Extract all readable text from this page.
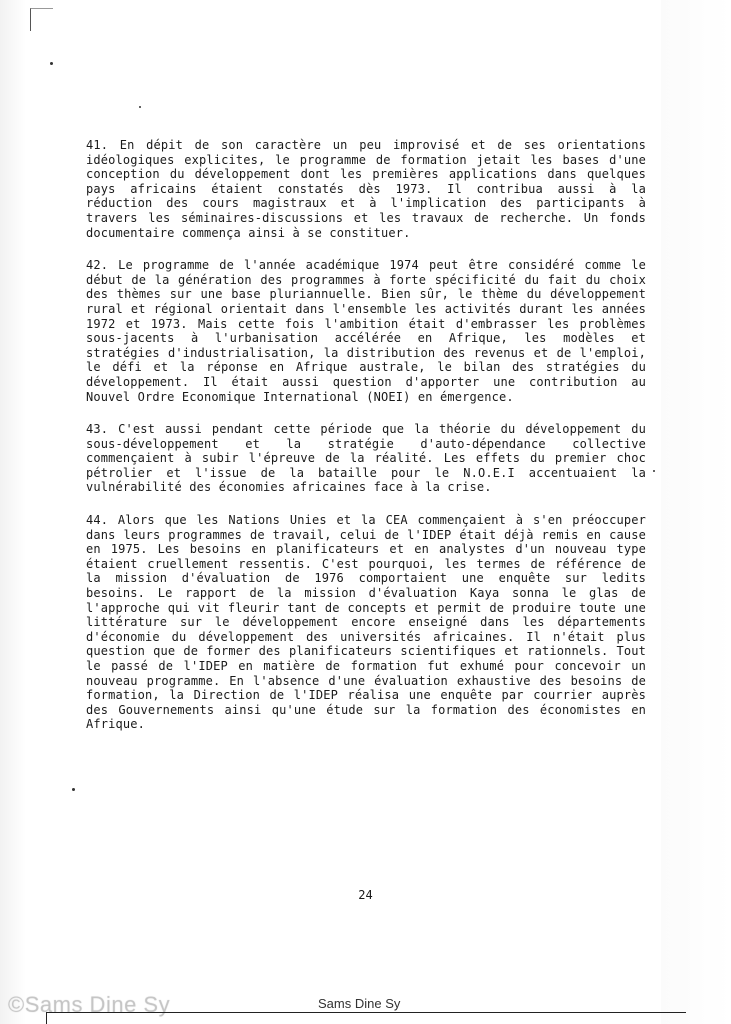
41. En dépit de son caractère un peu improvisé et de ses orientations idéologiques explicites, le programme de formation jetait les bases d'une conception du développement dont les premières applications dans quelques pays africains étaient constatés dès 1973. Il contribua aussi à la réduction des cours magistraux et à l'implication des participants à travers les séminaires-discussions et les travaux de recherche. Un fonds documentaire commença ainsi à se constituer.

42. Le programme de l'année académique 1974 peut être considéré comme le début de la génération des programmes à forte spécificité du fait du choix des thèmes sur une base pluriannuelle. Bien sûr, le thème du développement rural et régional orientait dans l'ensemble les activités durant les années 1972 et 1973. Mais cette fois l'ambition était d'embrasser les problèmes sous-jacents à l'urbanisation accélérée en Afrique, les modèles et stratégies d'industrialisation, la distribution des revenus et de l'emploi, le défi et la réponse en Afrique australe, le bilan des stratégies du développement. Il était aussi question d'apporter une contribution au Nouvel Ordre Economique International (NOEI) en émergence.

43. C'est aussi pendant cette période que la théorie du développement du sous-développement et la stratégie d'auto-dépendance collective commençaient à subir l'épreuve de la réalité. Les effets du premier choc pétrolier et l'issue de la bataille pour le N.O.E.I accentuaient la vulnérabilité des économies africaines face à la crise.

44. Alors que les Nations Unies et la CEA commençaient à s'en préoccuper dans leurs programmes de travail, celui de l'IDEP était déjà remis en cause en 1975. Les besoins en planificateurs et en analystes d'un nouveau type étaient cruellement ressentis. C'est pourquoi, les termes de référence de la mission d'évaluation de 1976 comportaient une enquête sur ledits besoins. Le rapport de la mission d'évaluation Kaya sonna le glas de l'approche qui vit fleurir tant de concepts et permit de produire toute une littérature sur le développement encore enseigné dans les départements d'économie du développement des universités africaines. Il n'était plus question que de former des planificateurs scientifiques et rationnels. Tout le passé de l'IDEP en matière de formation fut exhumé pour concevoir un nouveau programme. En l'absence d'une évaluation exhaustive des besoins de formation, la Direction de l'IDEP réalisa une enquête par courrier auprès des Gouvernements ainsi qu'une étude sur la formation des économistes en Afrique.

24
©Sams Dine Sy	Sams Dine Sy
